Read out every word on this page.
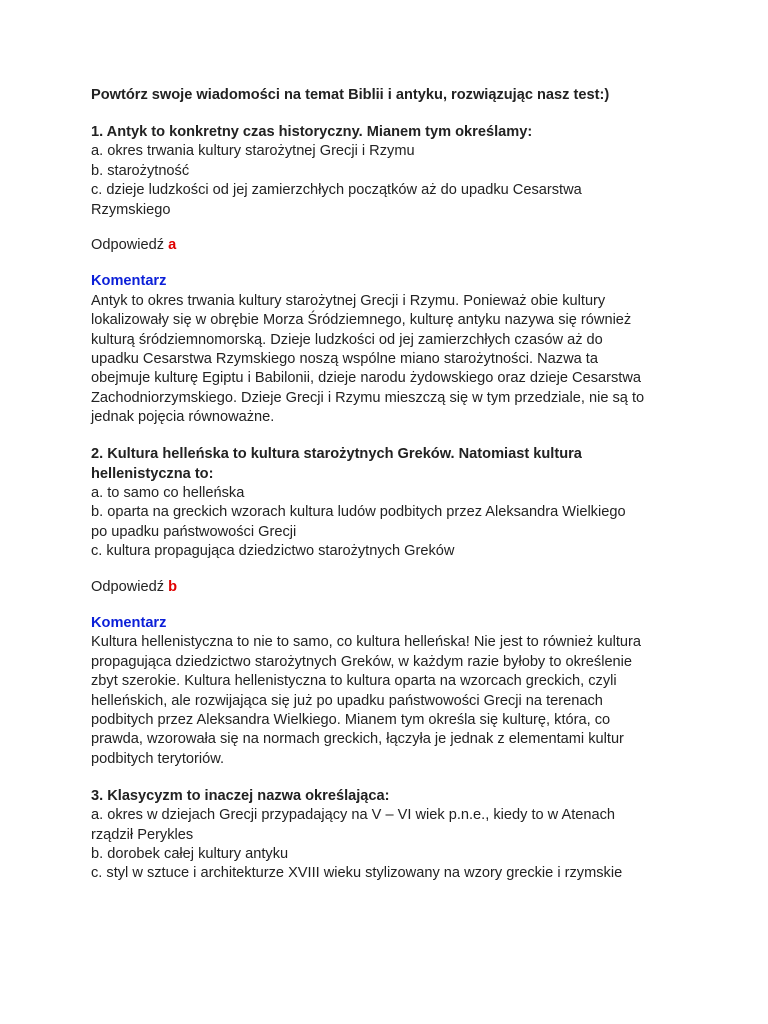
Powtórz swoje wiadomości na temat Biblii i antyku, rozwiązując nasz test:)
1. Antyk to konkretny czas historyczny. Mianem tym określamy:
a. okres trwania kultury starożytnej Grecji i Rzymu
b. starożytność
c. dzieje ludzkości od jej zamierzchłych początków aż do upadku Cesarstwa
Rzymskiego
Odpowiedź a
Komentarz
Antyk to okres trwania kultury starożytnej Grecji i Rzymu. Ponieważ obie kultury
lokalizowały się w obrębie Morza Śródziemnego, kulturę antyku nazywa się również
kulturą śródziemnomorską. Dzieje ludzkości od jej zamierzchłych czasów aż do
upadku Cesarstwa Rzymskiego noszą wspólne miano starożytności. Nazwa ta
obejmuje kulturę Egiptu i Babilonii, dzieje narodu żydowskiego oraz dzieje Cesarstwa
Zachodniorzymskiego. Dzieje Grecji i Rzymu mieszczą się w tym przedziale, nie są to
jednak pojęcia równoważne.
2. Kultura helleńska to kultura starożytnych Greków. Natomiast kultura
hellenistyczna to:
a. to samo co helleńska
b. oparta na greckich wzorach kultura ludów podbitych przez Aleksandra Wielkiego
po upadku państwowości Grecji
c. kultura propagująca dziedzictwo starożytnych Greków
Odpowiedź b
Komentarz
Kultura hellenistyczna to nie to samo, co kultura helleńska! Nie jest to również kultura
propagująca dziedzictwo starożytnych Greków, w każdym razie byłoby to określenie
zbyt szerokie. Kultura hellenistyczna to kultura oparta na wzorcach greckich, czyli
helleńskich, ale rozwijająca się już po upadku państwowości Grecji na terenach
podbitych przez Aleksandra Wielkiego. Mianem tym określa się kulturę, która, co
prawda, wzorowała się na normach greckich, łączyła je jednak z elementami kultur
podbitych terytoriów.
3. Klasycyzm to inaczej nazwa określająca:
a. okres w dziejach Grecji przypadający na V – VI wiek p.n.e., kiedy to w Atenach
rządził Perykles
b. dorobek całej kultury antyku
c. styl w sztuce i architekturze XVIII wieku stylizowany na wzory greckie i rzymskie
